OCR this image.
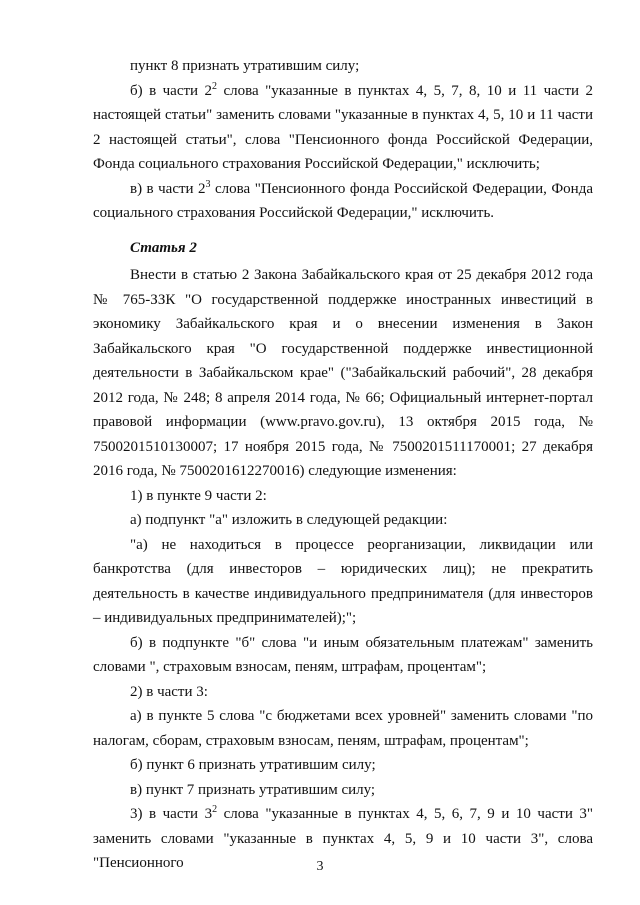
пункт 8 признать утратившим силу;

б) в части $2^2$ слова "указанные в пунктах 4, 5, 7, 8, 10 и 11 части 2 настоящей статьи" заменить словами "указанные в пунктах 4, 5, 10 и 11 части 2 настоящей статьи", слова "Пенсионного фонда Российской Федерации, Фонда социального страхования Российской Федерации," исключить;

в) в части $2^3$ слова "Пенсионного фонда Российской Федерации, Фонда социального страхования Российской Федерации," исключить.

Статья 2

Внести в статью 2 Закона Забайкальского края от 25 декабря 2012 года № 765-ЗЗК "О государственной поддержке иностранных инвестиций в экономику Забайкальского края и о внесении изменения в Закон Забайкальского края "О государственной поддержке инвестиционной деятельности в Забайкальском крае" ("Забайкальский рабочий", 28 декабря 2012 года, № 248; 8 апреля 2014 года, № 66; Официальный интернет-портал правовой информации (www.pravo.gov.ru), 13 октября 2015 года, № 7500201510130007; 17 ноября 2015 года, № 7500201511170001; 27 декабря 2016 года, № 7500201612270016) следующие изменения:

1) в пункте 9 части 2:

а) подпункт "а" изложить в следующей редакции:

"а) не находиться в процессе реорганизации, ликвидации или банкротства (для инвесторов – юридических лиц); не прекратить деятельность в качестве индивидуального предпринимателя (для инвесторов – индивидуальных предпринимателей);";

б) в подпункте "б" слова "и иным обязательным платежам" заменить словами ", страховым взносам, пеням, штрафам, процентам";

2) в части 3:

а) в пункте 5 слова "с бюджетами всех уровней" заменить словами "по налогам, сборам, страховым взносам, пеням, штрафам, процентам";

б) пункт 6 признать утратившим силу;

в) пункт 7 признать утратившим силу;

3) в части $3^2$ слова "указанные в пунктах 4, 5, 6, 7, 9 и 10 части 3" заменить словами "указанные в пунктах 4, 5, 9 и 10 части 3", слова "Пенсионного	3
